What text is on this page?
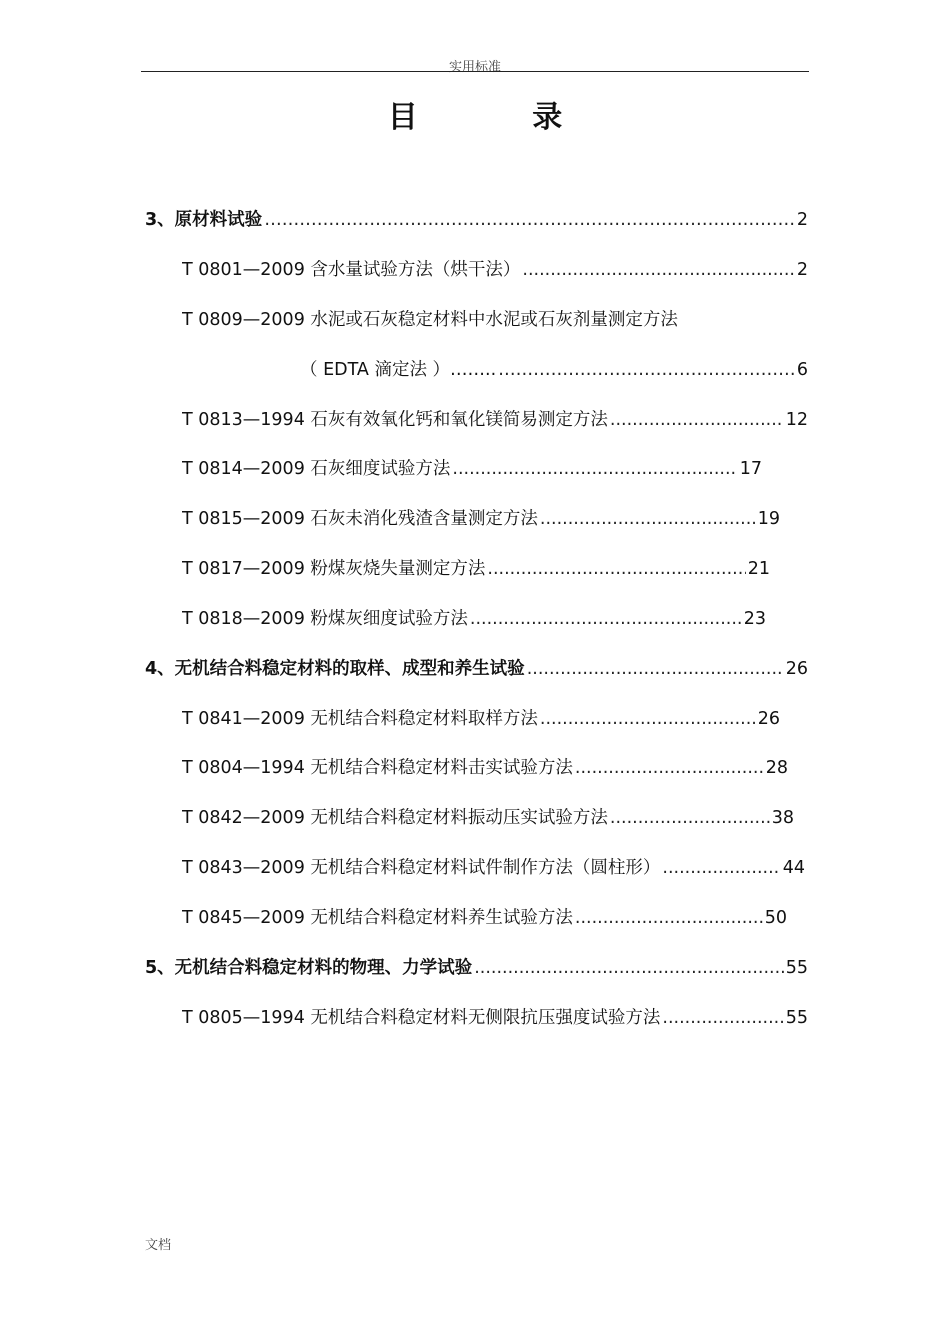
实用标准
目 录
3、原材料试验 …………………………………………………………………………………………………………………………………………………………………………	2
T 0801—2009 含水量试验方法（烘干法） .....	2
T 0809—2009 水泥或石灰稳定材料中水泥或石灰剂量测定方法
（ EDTA 滴定法 ）…….. …………………………………………………………………………………………………………………………………………………………………………	6
T 0813—1994 石灰有效氧化钙和氧化镁简易测定方法 .....	12
T 0814—2009 石灰细度试验方法 .....	17
T 0815—2009 石灰未消化残渣含量测定方法 .....	19
T 0817—2009 粉煤灰烧失量测定方法 .....	21
T 0818—2009 粉煤灰细度试验方法 .....	23
4、无机结合料稳定材料的取样、成型和养生试验 .....	26
T 0841—2009 无机结合料稳定材料取样方法 .....	26
T 0804—1994 无机结合料稳定材料击实试验方法 .....	28
T 0842—2009 无机结合料稳定材料振动压实试验方法 .....	38
T 0843—2009 无机结合料稳定材料试件制作方法（圆柱形） .....	44
T 0845—2009 无机结合料稳定材料养生试验方法 .....	50
5、无机结合料稳定材料的物理、力学试验 .....	55
T 0805—1994 无机结合料稳定材料无侧限抗压强度试验方法 .....	55
文档
